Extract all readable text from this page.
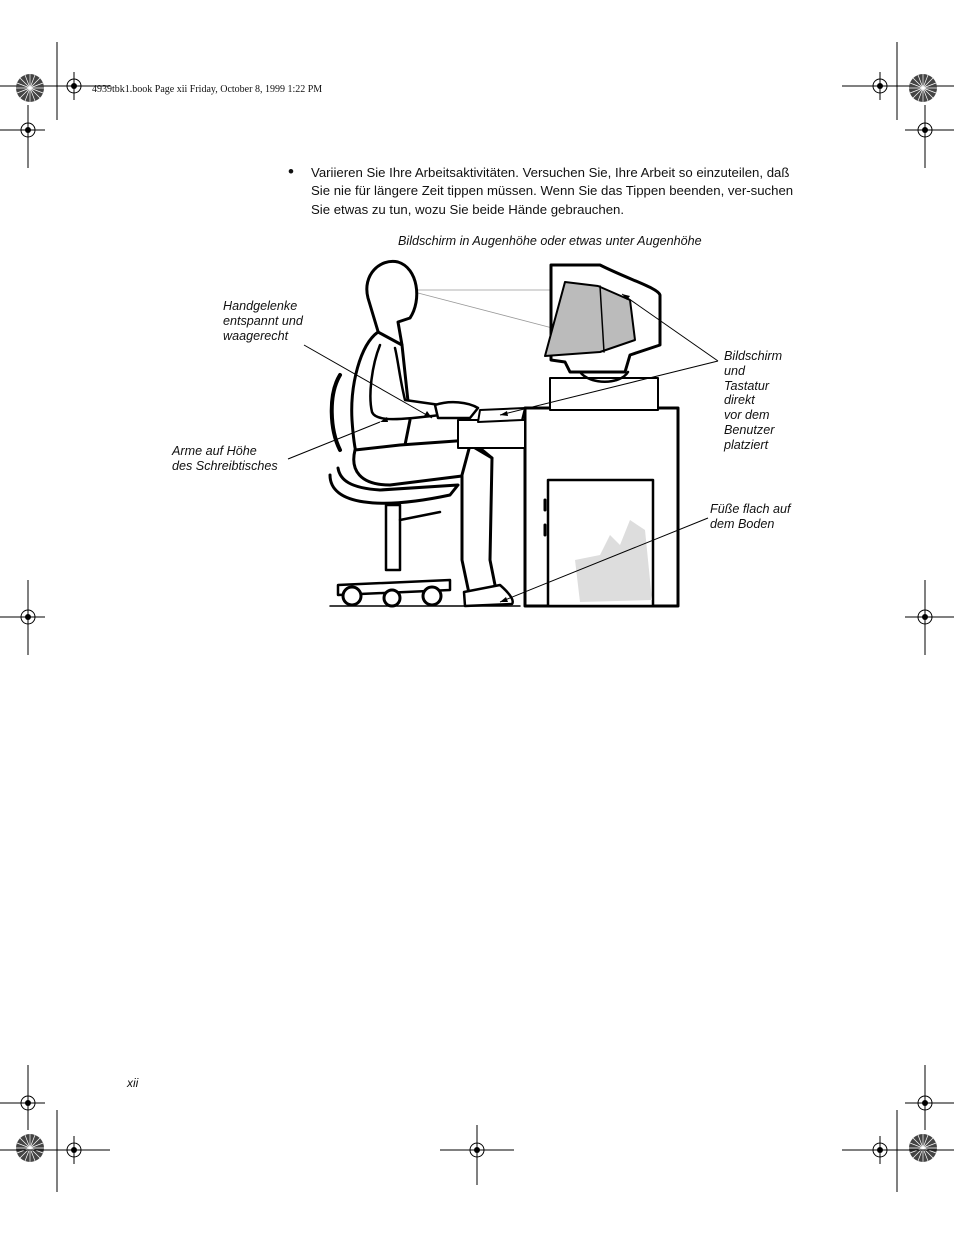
4939tbk1.book Page xii Friday, October 8, 1999 1:22 PM
• Variieren Sie Ihre Arbeitsaktivitäten. Versuchen Sie, Ihre Arbeit so einzuteilen, daß Sie nie für längere Zeit tippen müssen. Wenn Sie das Tippen beenden, ver-suchen Sie etwas zu tun, wozu Sie beide Hände gebrauchen.
Bildschirm in Augenhöhe oder etwas unter Augenhöhe
Handgelenke
entspannt und
waagerecht
Arme auf Höhe
des Schreibtisches
Bildschirm
und
Tastatur
direkt
vor dem
Benutzer
platziert
Füße flach auf
dem Boden
xii
